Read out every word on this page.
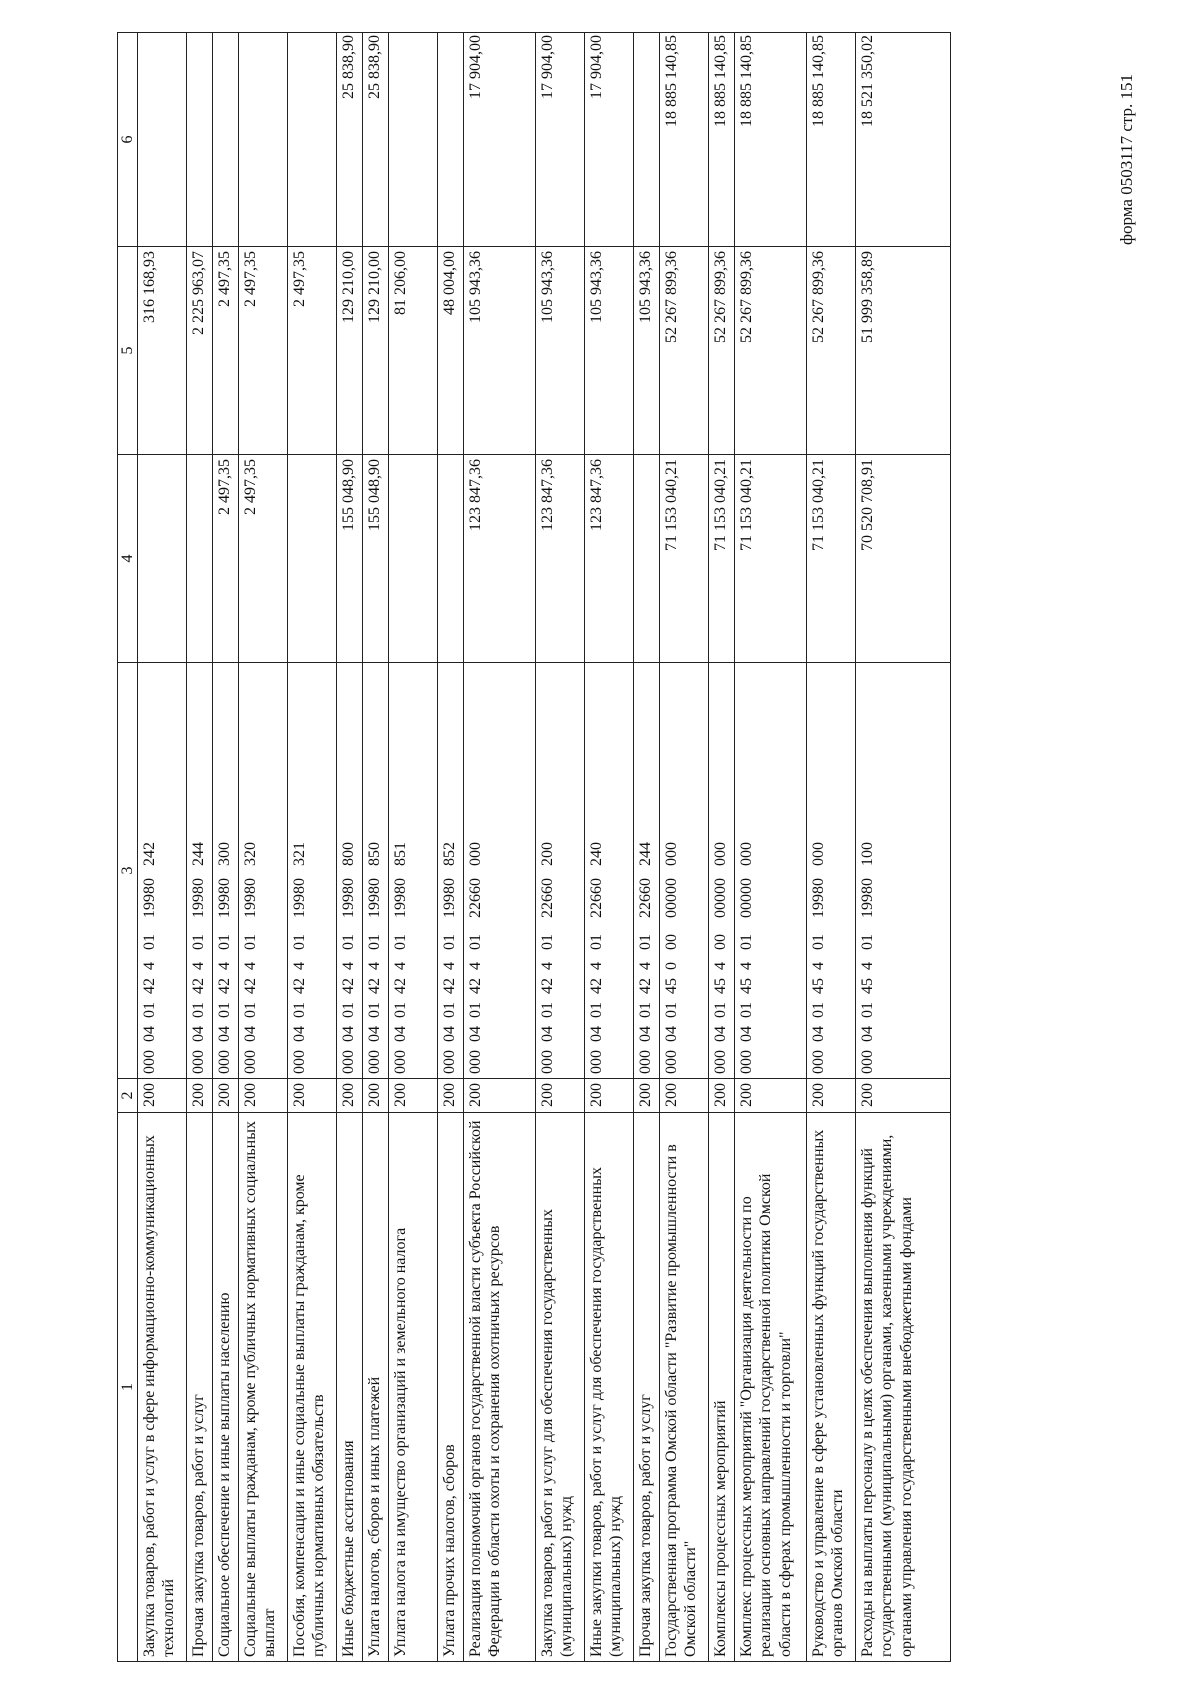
форма 0503117 стр. 151
1	2	3	4	5	6
Закупка товаров, работ и услуг в сфере информационно-коммуникационных технологий	200	000  04  01  42  4   01    19980   242		316 168,93	
Прочая закупка товаров, работ и услуг	200	000  04  01  42  4   01    19980   244		2 225 963,07	
Социальное обеспечение и иные выплаты населению	200	000  04  01  42  4   01    19980   300	2 497,35	2 497,35	
Социальные выплаты гражданам, кроме публичных нормативных социальных выплат	200	000  04  01  42  4   01    19980   320	2 497,35	2 497,35	
Пособия, компенсации и иные социальные выплаты гражданам, кроме публичных нормативных обязательств	200	000  04  01  42  4   01    19980   321		2 497,35	
Иные бюджетные ассигнования	200	000  04  01  42  4   01    19980   800	155 048,90	129 210,00	25 838,90
Уплата налогов, сборов и иных платежей	200	000  04  01  42  4   01    19980   850	155 048,90	129 210,00	25 838,90
Уплата налога на имущество организаций и земельного налога	200	000  04  01  42  4   01    19980   851		81 206,00	
Уплата прочих налогов, сборов	200	000  04  01  42  4   01    19980   852		48 004,00	
Реализация полномочий органов государственной власти субъекта Российской Федерации в области охоты и сохранения охотничьих ресурсов	200	000  04  01  42  4   01    22660   000	123 847,36	105 943,36	17 904,00
Закупка товаров, работ и услуг для обеспечения государственных (муниципальных) нужд	200	000  04  01  42  4   01    22660   200	123 847,36	105 943,36	17 904,00
Иные закупки товаров, работ и услуг для обеспечения государственных (муниципальных) нужд	200	000  04  01  42  4   01    22660   240	123 847,36	105 943,36	17 904,00
Прочая закупка товаров, работ и услуг	200	000  04  01  42  4   01    22660   244		105 943,36	
Государственная программа Омской области "Развитие промышленности в Омской области"	200	000  04  01  45  0   00    00000   000	71 153 040,21	52 267 899,36	18 885 140,85
Комплексы процессных мероприятий	200	000  04  01  45  4   00    00000   000	71 153 040,21	52 267 899,36	18 885 140,85
Комплекс процессных мероприятий "Организация деятельности по реализации основных направлений государственной политики Омской области в сферах промышленности и торговли"	200	000  04  01  45  4   01    00000   000	71 153 040,21	52 267 899,36	18 885 140,85
Руководство и управление в сфере установленных функций государственных органов Омской области	200	000  04  01  45  4   01    19980   000	71 153 040,21	52 267 899,36	18 885 140,85
Расходы на выплаты персоналу в целях обеспечения выполнения функций государственными (муниципальными) органами, казенными учреждениями, органами управления государственными внебюджетными фондами	200	000  04  01  45  4   01    19980   100	70 520 708,91	51 999 358,89	18 521 350,02
